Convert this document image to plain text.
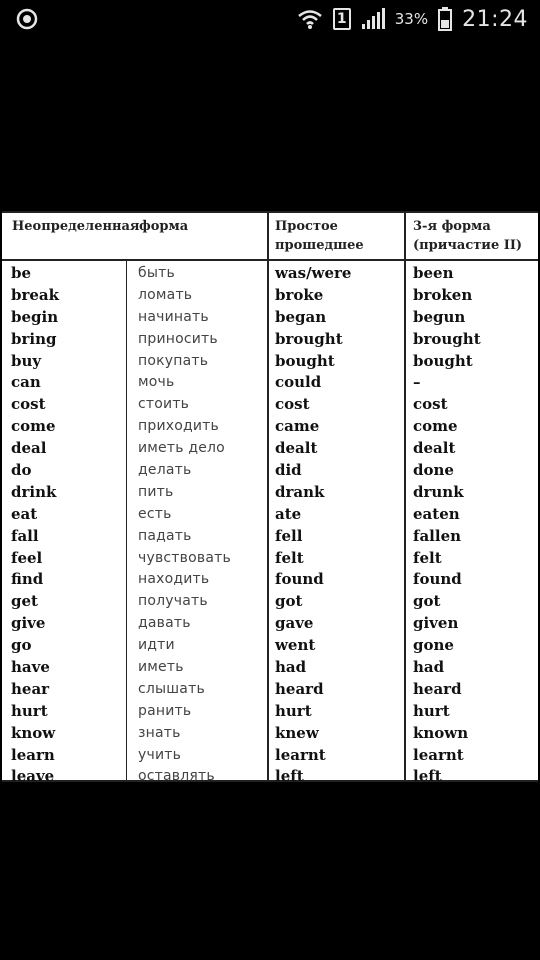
1	33% 21:24
Неопределенная форма	Простое
прошедшее
3-я форма
(причастие II)
be
break
begin
bring
buy
can
cost
come
deal
do
drink
eat
fall
feel
find
get
give
go
have
hear
hurt
know
learn
leave
быть
ломать
начинать
приносить
покупать
мочь
стоить
приходить
иметь дело
делать
пить
есть
падать
чувствовать
находить
получать
давать
идти
иметь
слышать
ранить
знать
учить
оставлять
was/were
broke
began
brought
bought
could
cost
came
dealt
did
drank
ate
fell
felt
found
got
gave
went
had
heard
hurt
knew
learnt
left
been
broken
begun
brought
bought
–
cost
come
dealt
done
drunk
eaten
fallen
felt
found
got
given
gone
had
heard
hurt
known
learnt
left
